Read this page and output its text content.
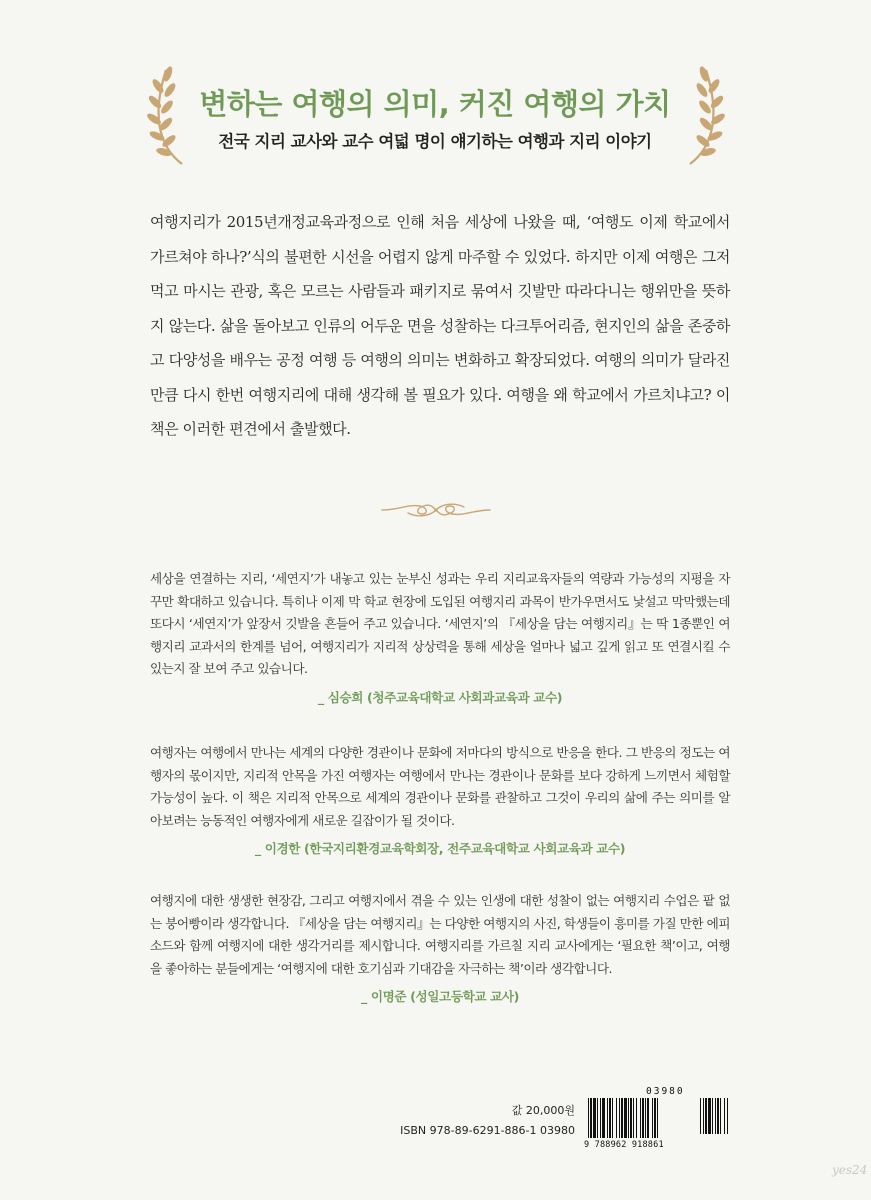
변하는 여행의 의미, 커진 여행의 가치
전국 지리 교사와 교수 여덟 명이 얘기하는 여행과 지리 이야기

여행지리가 2015년개정교육과정으로 인해 처음 세상에 나왔을 때, ‘여행도 이제 학교에서 가르쳐야 하나?’식의 불편한 시선을 어렵지 않게 마주할 수 있었다. 하지만 이제 여행은 그저 먹고 마시는 관광, 혹은 모르는 사람들과 패키지로 묶여서 깃발만 따라다니는 행위만을 뜻하지 않는다. 삶을 돌아보고 인류의 어두운 면을 성찰하는 다크투어리즘, 현지인의 삶을 존중하고 다양성을 배우는 공정 여행 등 여행의 의미는 변화하고 확장되었다. 여행의 의미가 달라진 만큼 다시 한번 여행지리에 대해 생각해 볼 필요가 있다. 여행을 왜 학교에서 가르치냐고? 이 책은 이러한 편견에서 출발했다.

세상을 연결하는 지리, ‘세연지’가 내놓고 있는 눈부신 성과는 우리 지리교육자들의 역량과 가능성의 지평을 자꾸만 확대하고 있습니다. 특히나 이제 막 학교 현장에 도입된 여행지리 과목이 반가우면서도 낯설고 막막했는데 또다시 ‘세연지’가 앞장서 깃발을 흔들어 주고 있습니다. ‘세연지’의 『세상을 담는 여행지리』는 딱 1종뿐인 여행지리 교과서의 한계를 넘어, 여행지리가 지리적 상상력을 통해 세상을 얼마나 넓고 깊게 읽고 또 연결시킬 수 있는지 잘 보여 주고 있습니다.

_ 심승희 (청주교육대학교 사회과교육과 교수)

여행자는 여행에서 만나는 세계의 다양한 경관이나 문화에 저마다의 방식으로 반응을 한다. 그 반응의 정도는 여행자의 몫이지만, 지리적 안목을 가진 여행자는 여행에서 만나는 경관이나 문화를 보다 강하게 느끼면서 체험할 가능성이 높다. 이 책은 지리적 안목으로 세계의 경관이나 문화를 관찰하고 그것이 우리의 삶에 주는 의미를 알아보려는 능동적인 여행자에게 새로운 길잡이가 될 것이다.

_ 이경한 (한국지리환경교육학회장, 전주교육대학교 사회교육과 교수)

여행지에 대한 생생한 현장감, 그리고 여행지에서 겪을 수 있는 인생에 대한 성찰이 없는 여행지리 수업은 팥 없는 붕어빵이라 생각합니다. 『세상을 담는 여행지리』는 다양한 여행지의 사진, 학생들이 흥미를 가질 만한 에피소드와 함께 여행지에 대한 생각거리를 제시합니다. 여행지리를 가르칠 지리 교사에게는 ‘필요한 책’이고, 여행을 좋아하는 분들에게는 ‘여행지에 대한 호기심과 기대감을 자극하는 책’이라 생각합니다.

_ 이명준 (성일고등학교 교사)

값 20,000원

ISBN 978-89-6291-886-1 03980

03980
9 788962 918861

yes24
